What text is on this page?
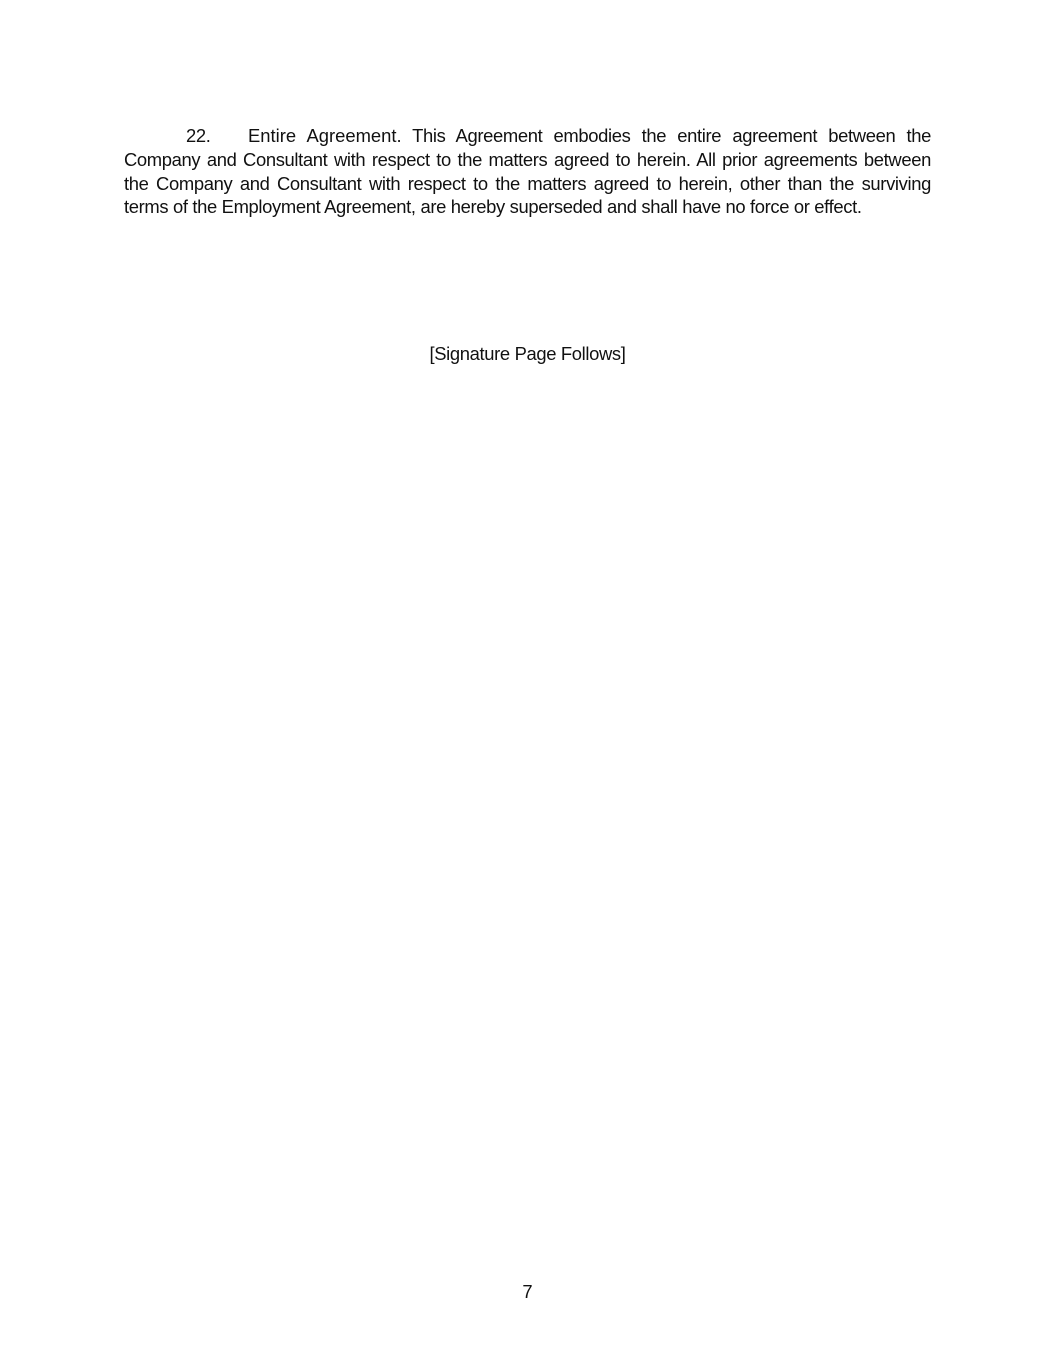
22. Entire Agreement. This Agreement embodies the entire agreement between the Company and Consultant with respect to the matters agreed to herein. All prior agreements between the Company and Consultant with respect to the matters agreed to herein, other than the surviving terms of the Employment Agreement, are hereby superseded and shall have no force or effect.

[Signature Page Follows]
7
